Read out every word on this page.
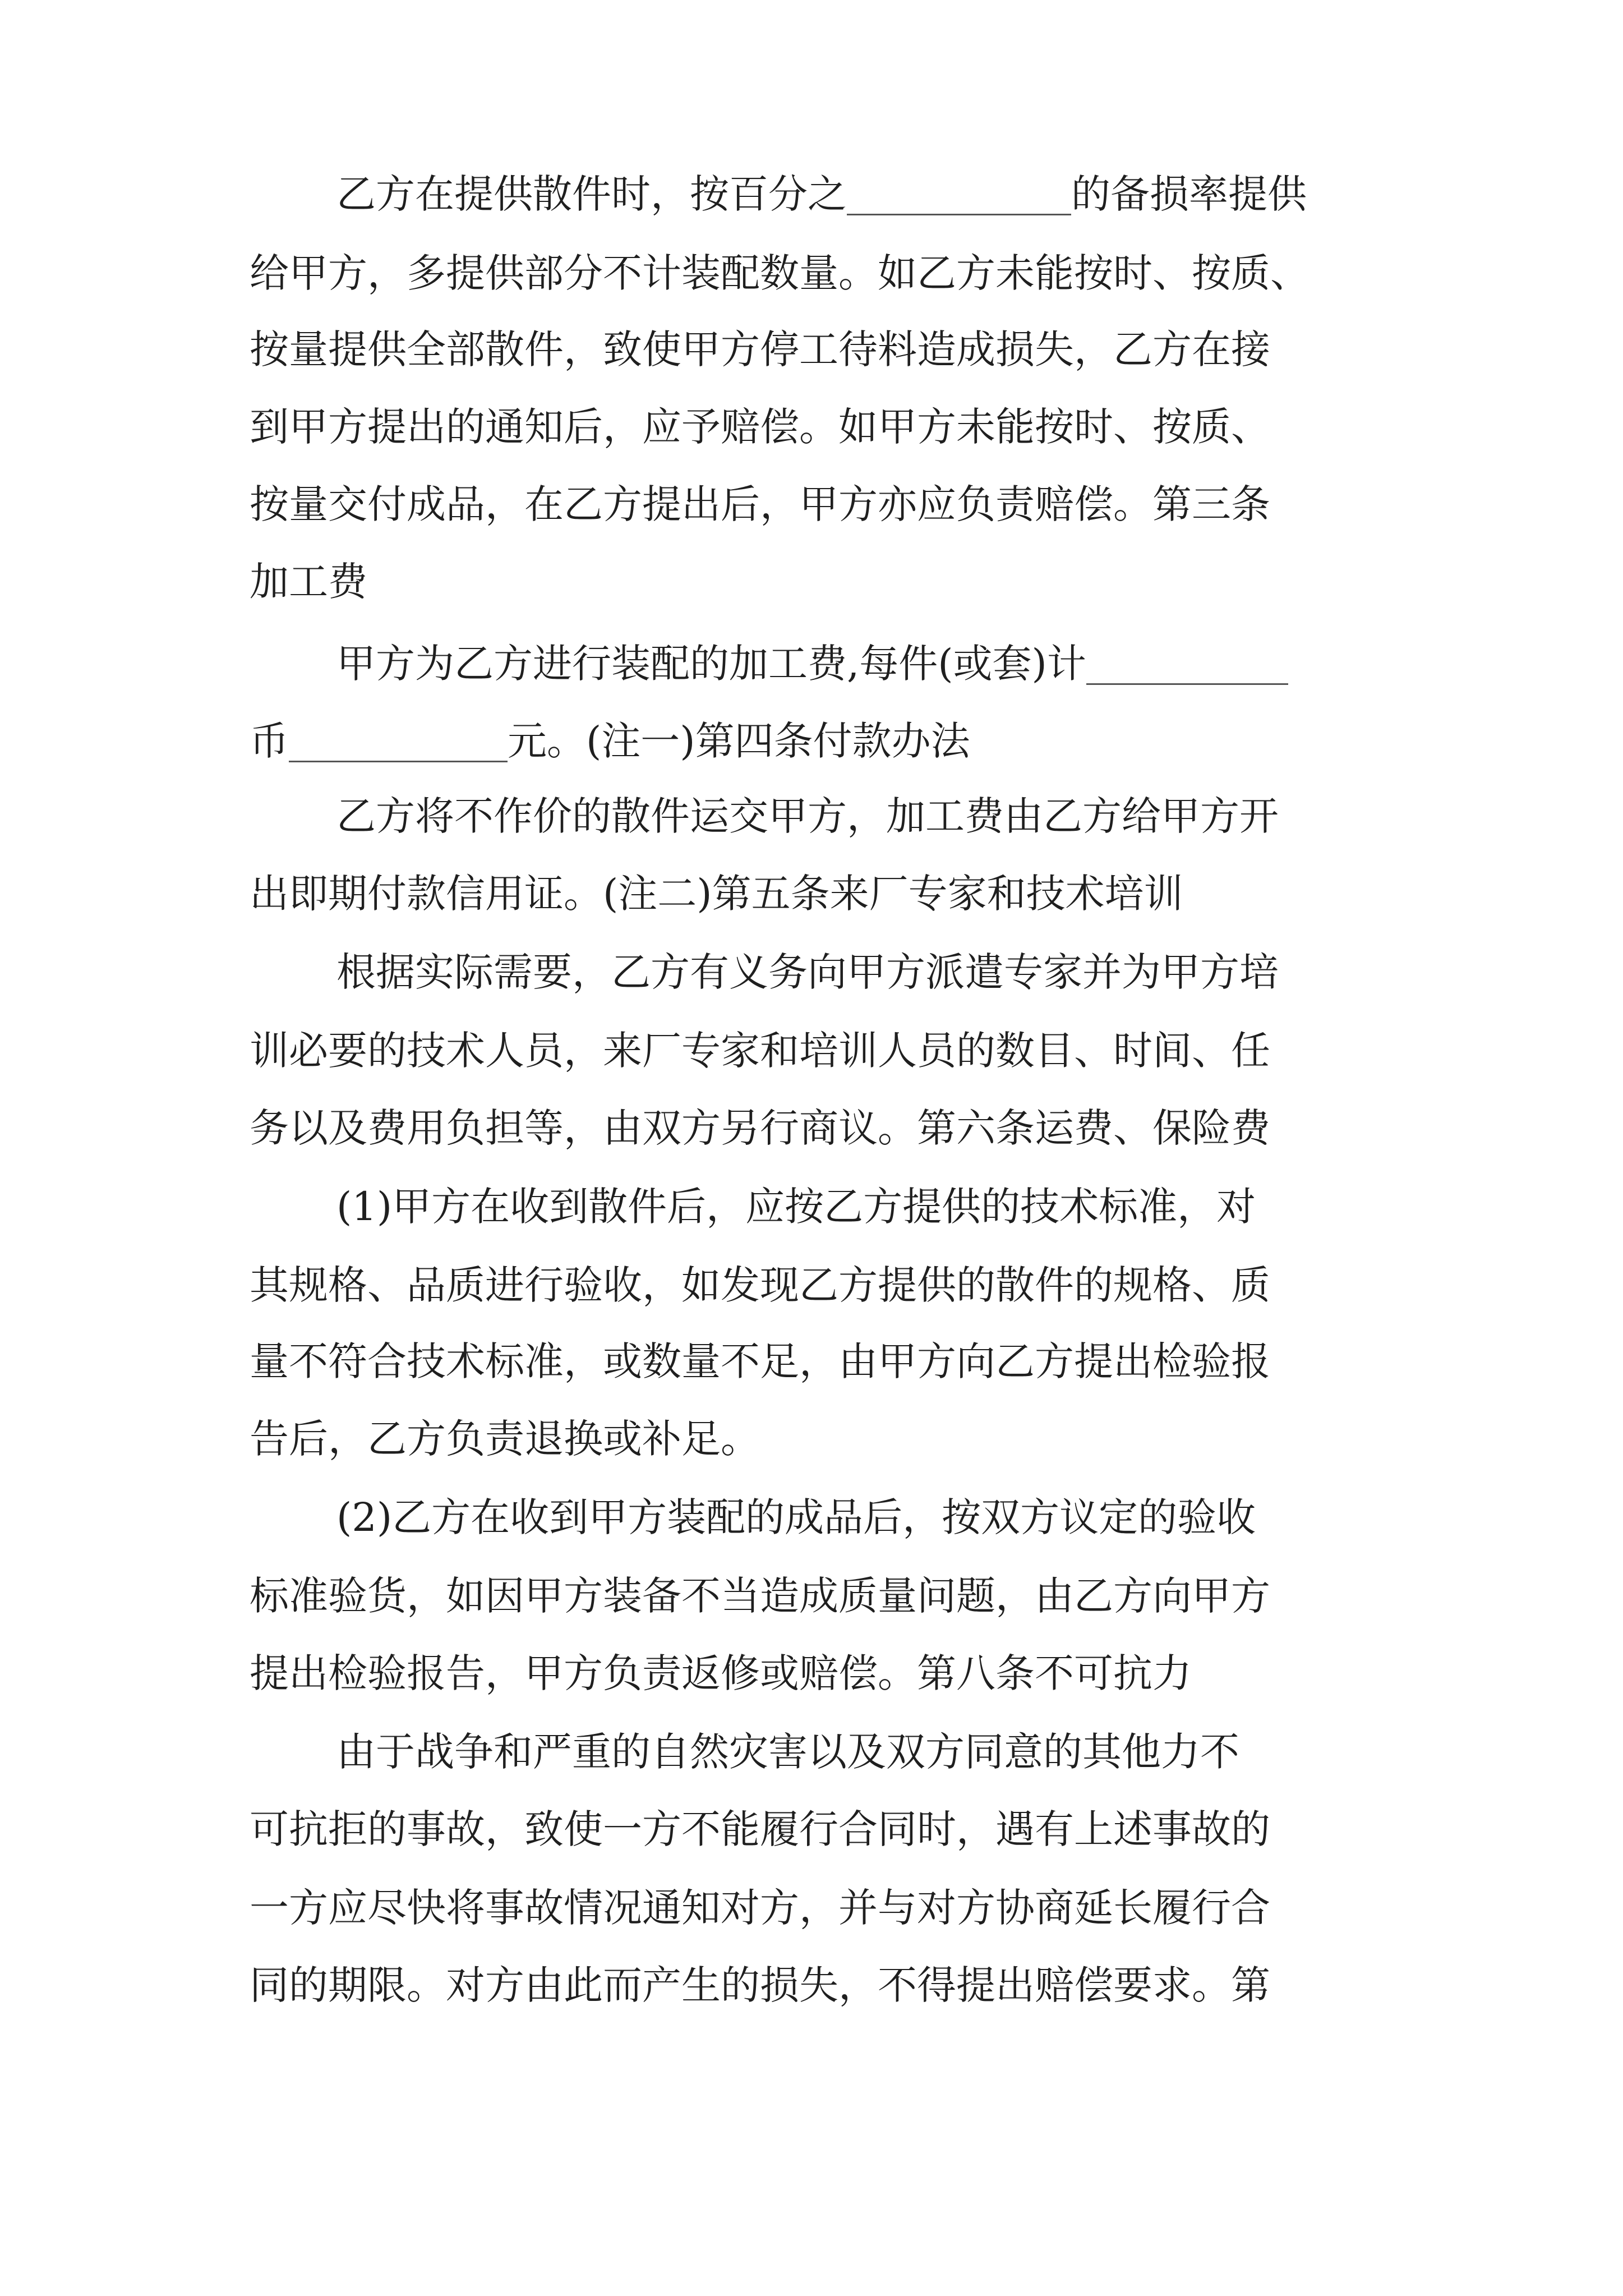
乙方在提供散件时，按百分之	的备损率提供
给甲方，多提供部分不计装配数量。如乙方未能按时、按质、
按量提供全部散件，致使甲方停工待料造成损失，乙方在接
到甲方提出的通知后，应予赔偿。如甲方未能按时、按质、
按量交付成品，在乙方提出后，甲方亦应负责赔偿。第三条
加工费
甲方为乙方进行装配的加工费,每件(或套)计
币	元。(注一)第四条付款办法
乙方将不作价的散件运交甲方，加工费由乙方给甲方开
出即期付款信用证。(注二)第五条来厂专家和技术培训
根据实际需要，乙方有义务向甲方派遣专家并为甲方培
训必要的技术人员，来厂专家和培训人员的数目、时间、任
务以及费用负担等，由双方另行商议。第六条运费、保险费
(1)甲方在收到散件后，应按乙方提供的技术标准，对
其规格、品质进行验收，如发现乙方提供的散件的规格、质
量不符合技术标准，或数量不足，由甲方向乙方提出检验报
告后，乙方负责退换或补足。
(2)乙方在收到甲方装配的成品后，按双方议定的验收
标准验货，如因甲方装备不当造成质量问题，由乙方向甲方
提出检验报告，甲方负责返修或赔偿。第八条不可抗力
由于战争和严重的自然灾害以及双方同意的其他力不
可抗拒的事故，致使一方不能履行合同时，遇有上述事故的
一方应尽快将事故情况通知对方，并与对方协商延长履行合
同的期限。对方由此而产生的损失，不得提出赔偿要求。第
